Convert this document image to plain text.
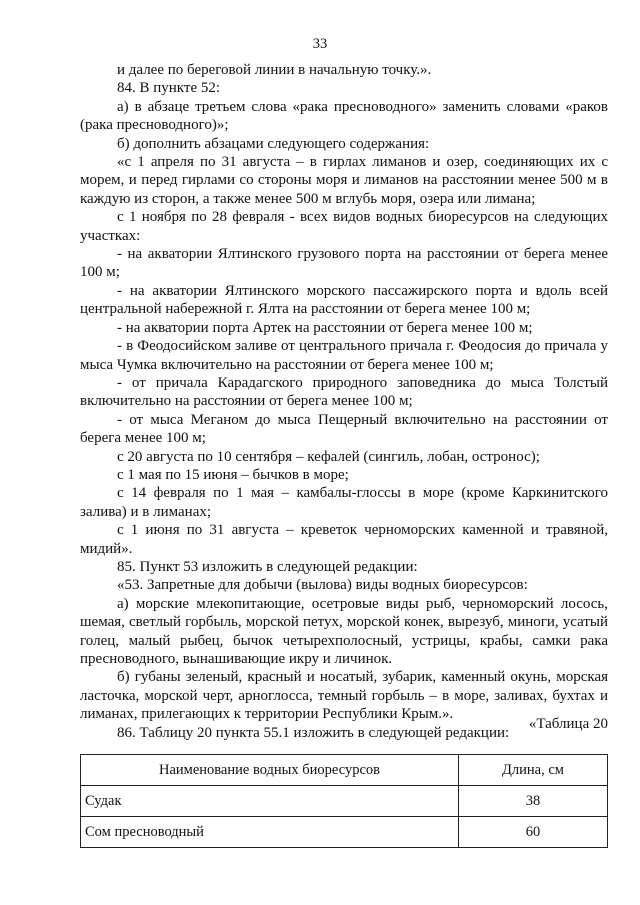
33

и далее по береговой линии в начальную точку.».

84. В пункте 52:

а) в абзаце третьем слова «рака пресноводного» заменить словами «раков (рака пресноводного)»;

б) дополнить абзацами следующего содержания:

«с 1 апреля по 31 августа – в гирлах лиманов и озер, соединяющих их с морем, и перед гирлами со стороны моря и лиманов на расстоянии менее 500 м в каждую из сторон, а также менее 500 м вглубь моря, озера или лимана;

с 1 ноября по 28 февраля - всех видов водных биоресурсов на следующих участках:

- на акватории Ялтинского грузового порта на расстоянии от берега менее 100 м;

- на акватории Ялтинского морского пассажирского порта и вдоль всей центральной набережной г. Ялта на расстоянии от берега менее 100 м;

- на акватории порта Артек на расстоянии от берега менее 100 м;

- в Феодосийском заливе от центрального причала г. Феодосия до причала у мыса Чумка включительно на расстоянии от берега менее 100 м;

- от причала Карадагского природного заповедника до мыса Толстый включительно на расстоянии от берега менее 100 м;

- от мыса Меганом до мыса Пещерный включительно на расстоянии от берега менее 100 м;

с 20 августа по 10 сентября – кефалей (сингиль, лобан, остронос);

с 1 мая по 15 июня – бычков в море;

с 14 февраля по 1 мая – камбалы-глоссы в море (кроме Каркинитского залива) и в лиманах;

с 1 июня по 31 августа – креветок черноморских каменной и травяной, мидий».

85. Пункт 53 изложить в следующей редакции:

«53. Запретные для добычи (вылова) виды водных биоресурсов:

а) морские млекопитающие, осетровые виды рыб, черноморский лосось, шемая, светлый горбыль, морской петух, морской конек, вырезуб, миноги, усатый голец, малый рыбец, бычок четырехполосный, устрицы, крабы, самки рака пресноводного, вынашивающие икру и личинок.

б) губаны зеленый, красный и носатый, зубарик, каменный окунь, морская ласточка, морской черт, арноглосса, темный горбыль – в море, заливах, бухтах и лиманах, прилегающих к территории Республики Крым.».

86. Таблицу 20 пункта 55.1 изложить в следующей редакции:

«Таблица 20
Наименование водных биоресурсов	Длина, см
Судак	38
Сом пресноводный	60
